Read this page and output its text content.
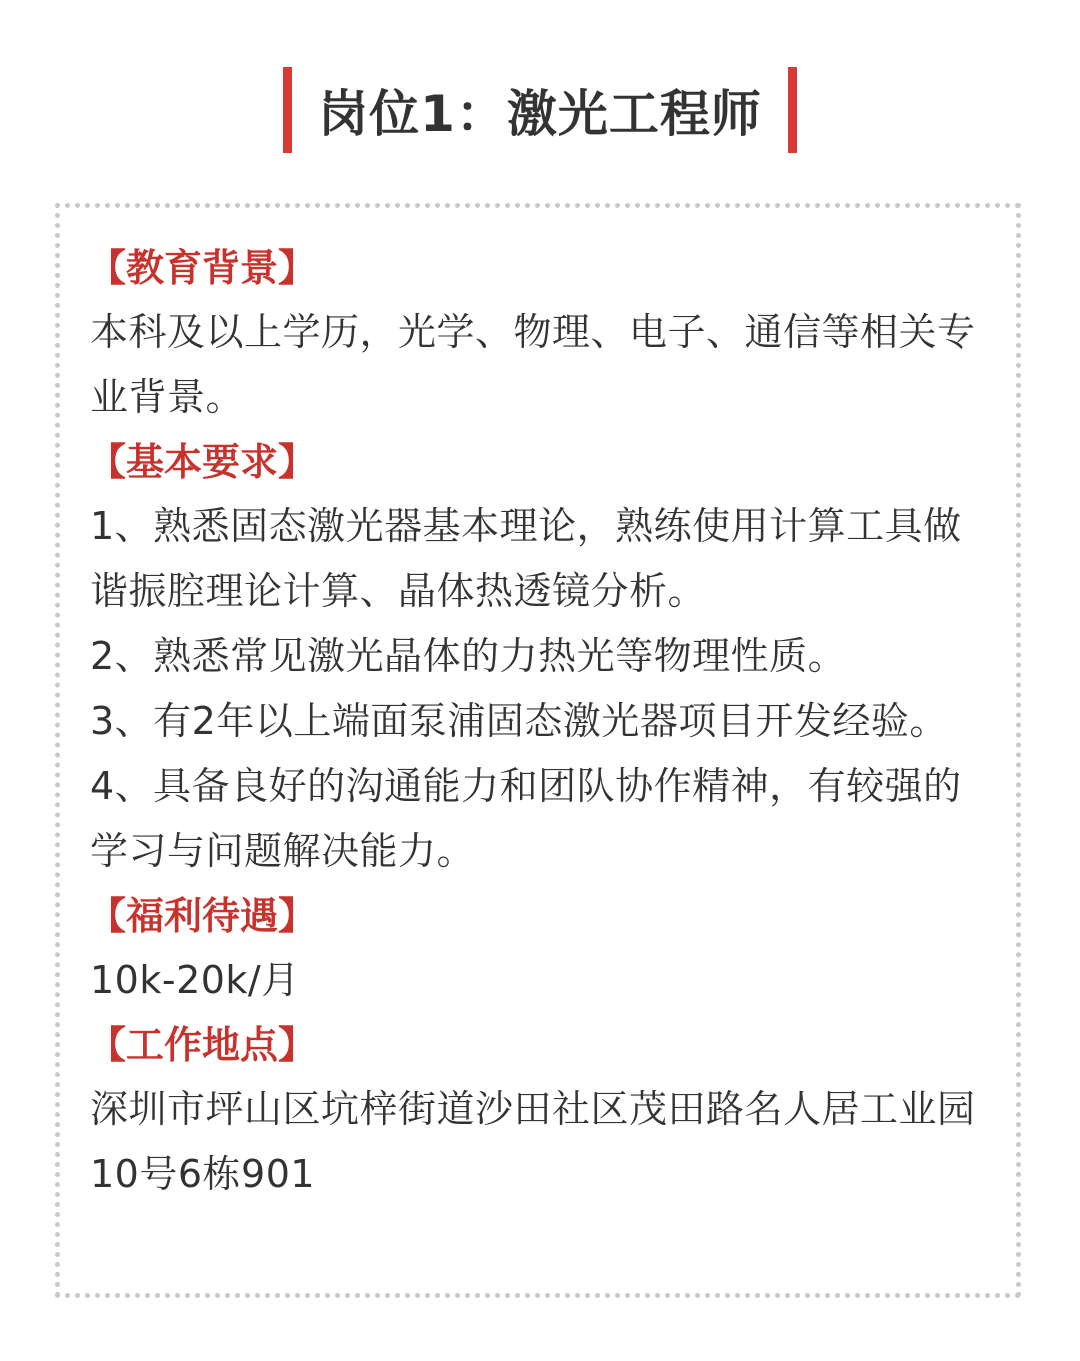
岗位1：激光工程师
【教育背景】
本科及以上学历，光学、物理、电子、通信等相关专业背景。
【基本要求】
1、熟悉固态激光器基本理论，熟练使用计算工具做谐振腔理论计算、晶体热透镜分析。
2、熟悉常见激光晶体的力热光等物理性质。
3、有2年以上端面泵浦固态激光器项目开发经验。
4、具备良好的沟通能力和团队协作精神，有较强的学习与问题解决能力。
【福利待遇】
10k-20k/月
【工作地点】
深圳市坪山区坑梓街道沙田社区茂田路名人居工业园10号6栋901
